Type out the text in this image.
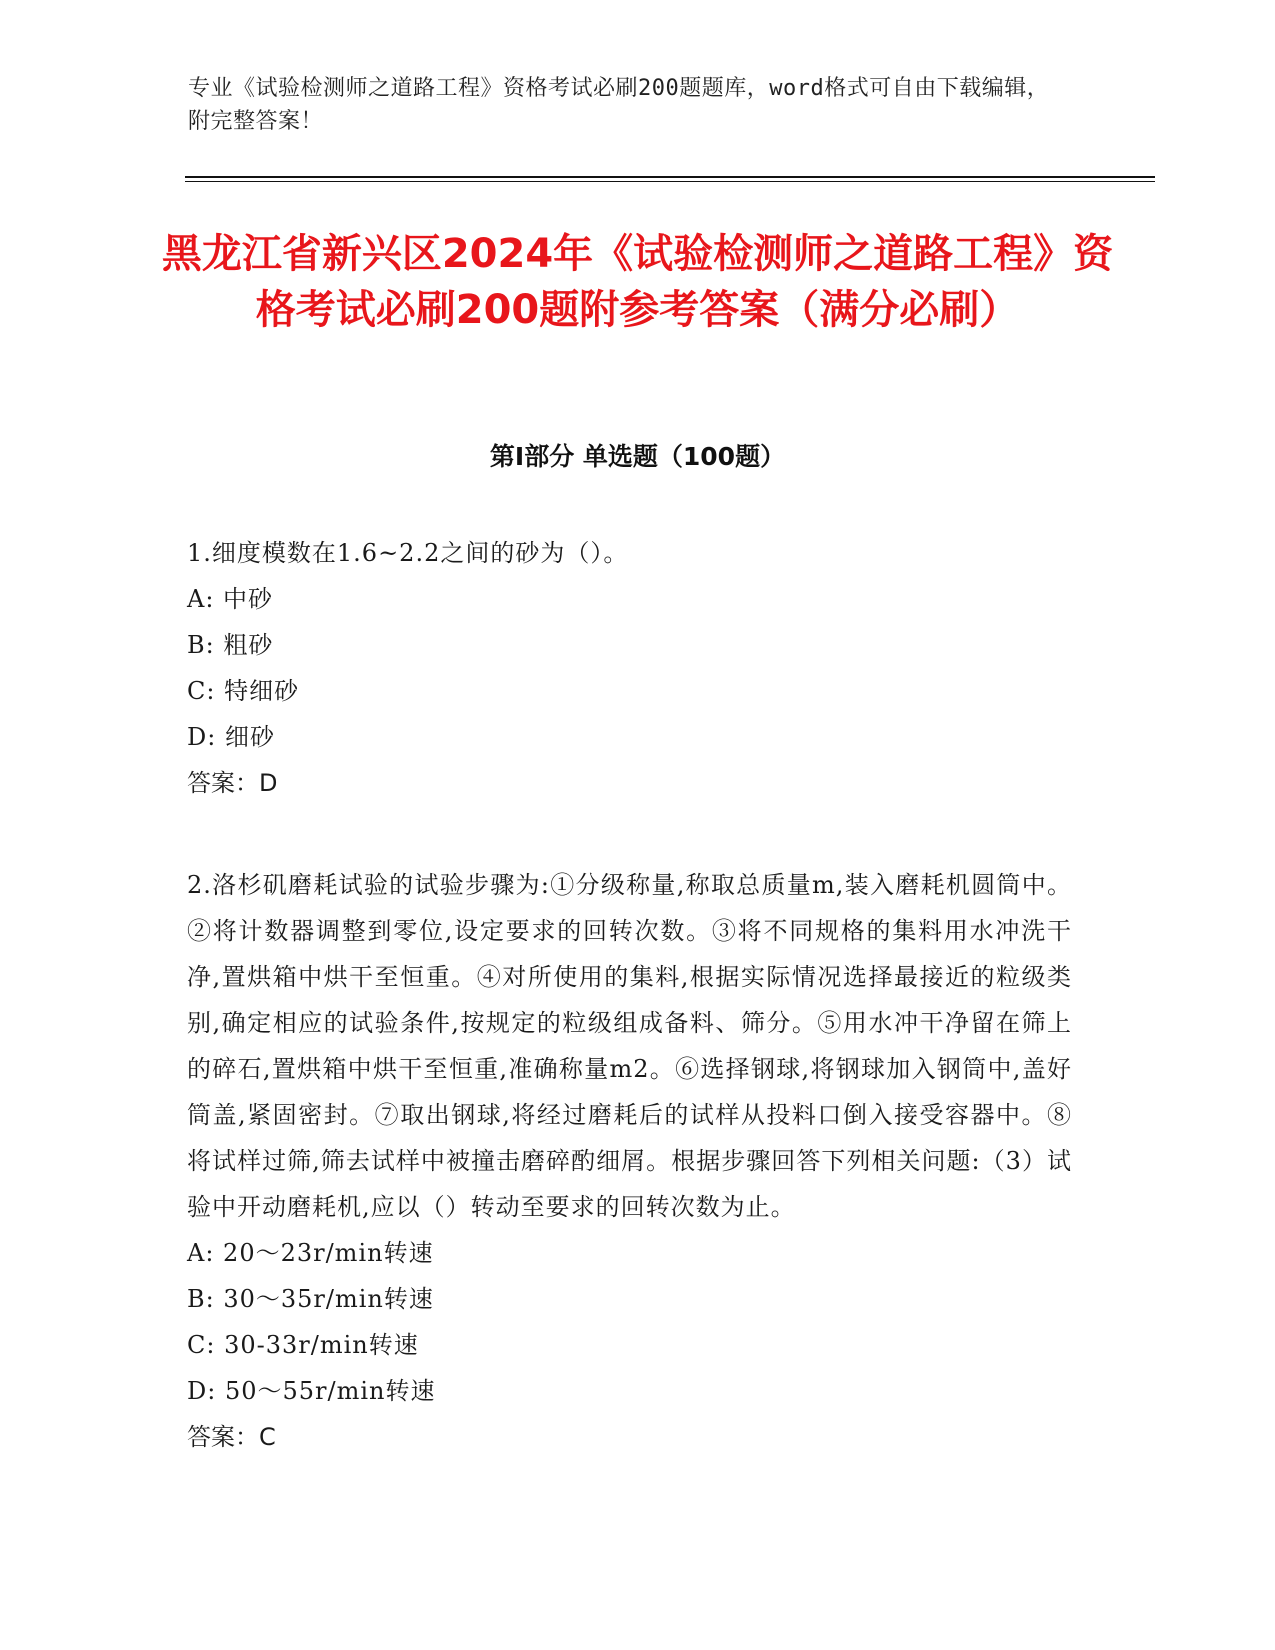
专业《试验检测师之道路工程》资格考试必刷200题题库，word格式可自由下载编辑，附完整答案！
黑龙江省新兴区2024年《试验检测师之道路工程》资格考试必刷200题附参考答案（满分必刷）
第Ⅰ部分 单选题（100题）

1.细度模数在1.6~2.2之间的砂为（）。

A: 中砂

B: 粗砂

C: 特细砂

D: 细砂

答案：D

2.洛杉矶磨耗试验的试验步骤为:①分级称量,称取总质量m,装入磨耗机圆筒中。②将计数器调整到零位,设定要求的回转次数。③将不同规格的集料用水冲洗干净,置烘箱中烘干至恒重。④对所使用的集料,根据实际情况选择最接近的粒级类别,确定相应的试验条件,按规定的粒级组成备料、筛分。⑤用水冲干净留在筛上的碎石,置烘箱中烘干至恒重,准确称量m2。⑥选择钢球,将钢球加入钢筒中,盖好筒盖,紧固密封。⑦取出钢球,将经过磨耗后的试样从投料口倒入接受容器中。⑧将试样过筛,筛去试样中被撞击磨碎酌细屑。根据步骤回答下列相关问题:（3）试验中开动磨耗机,应以（）转动至要求的回转次数为止。

A: 20～23r/min转速

B: 30～35r/min转速

C: 30-33r/min转速

D: 50～55r/min转速

答案：C
